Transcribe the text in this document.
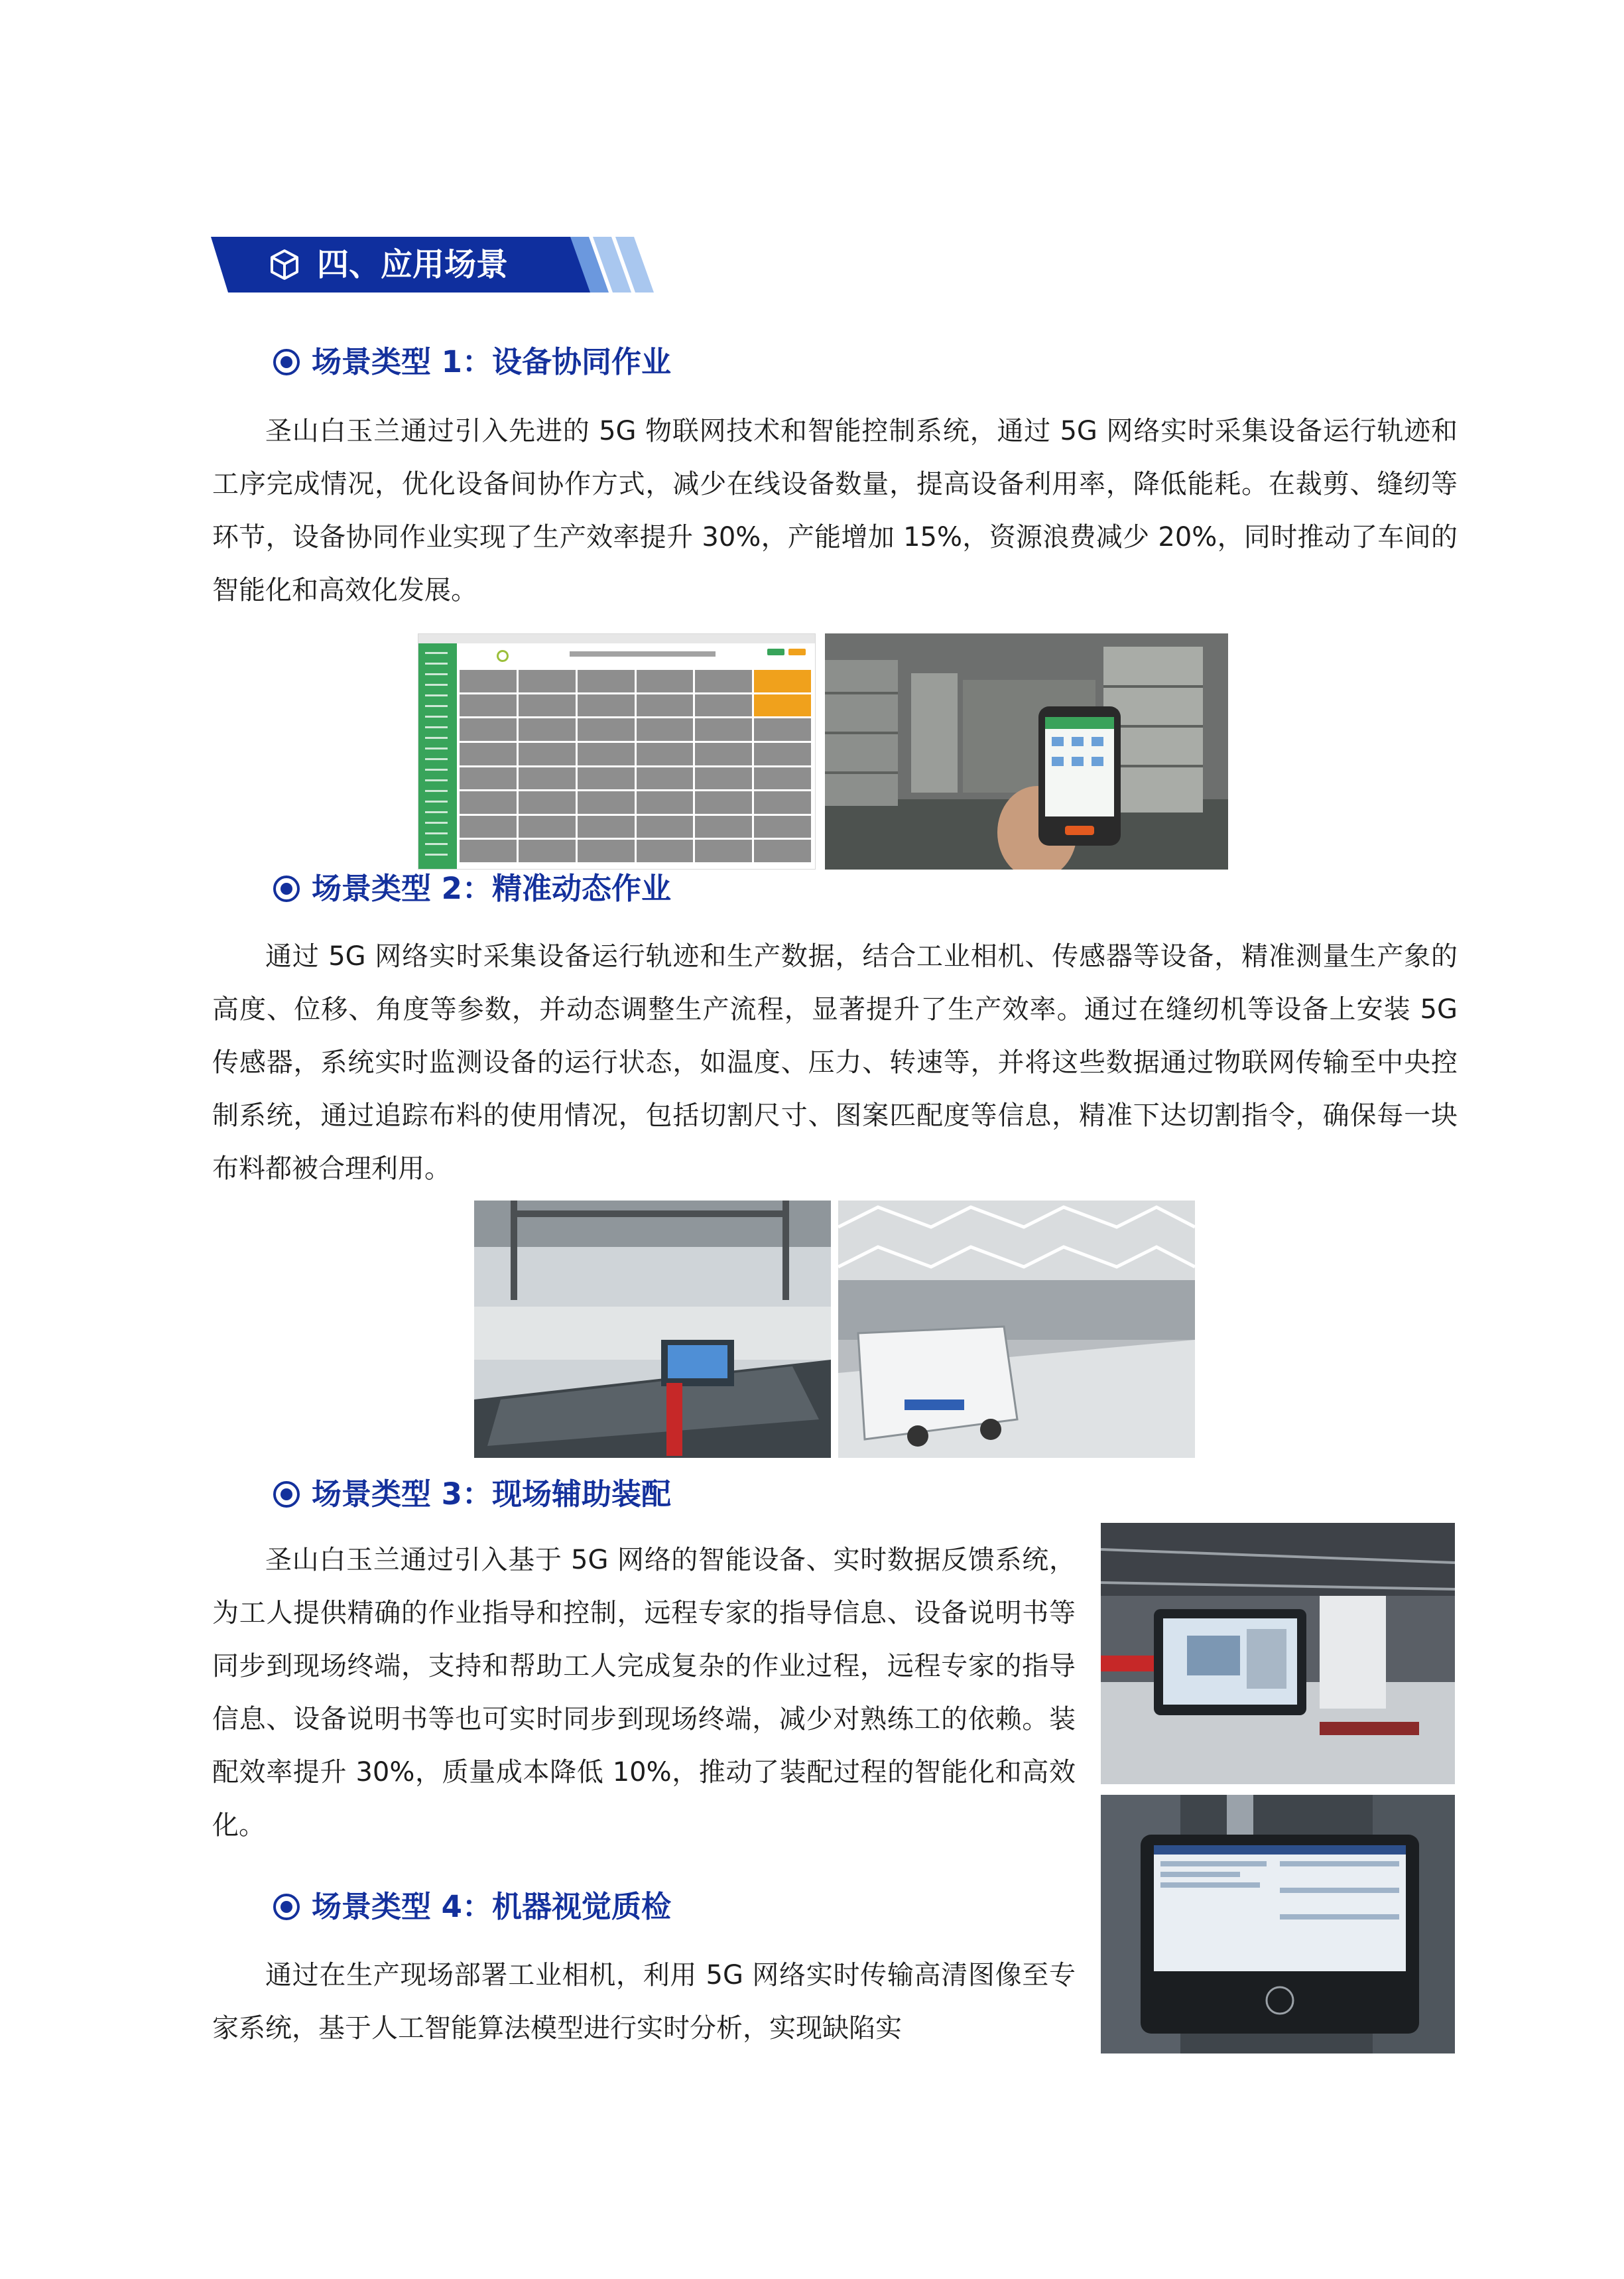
四、应用场景
场景类型 1：设备协同作业

圣山白玉兰通过引入先进的 5G 物联网技术和智能控制系统，通过 5G 网络实时采集设备运行轨迹和工序完成情况，优化设备间协作方式，减少在线设备数量，提高设备利用率，降低能耗。在裁剪、缝纫等环节，设备协同作业实现了生产效率提升 30%，产能增加 15%，资源浪费减少 20%，同时推动了车间的智能化和高效化发展。

场景类型 2：精准动态作业

通过 5G 网络实时采集设备运行轨迹和生产数据，结合工业相机、传感器等设备，精准测量生产象的高度、位移、角度等参数，并动态调整生产流程，显著提升了生产效率。通过在缝纫机等设备上安装 5G 传感器，系统实时监测设备的运行状态，如温度、压力、转速等，并将这些数据通过物联网传输至中央控制系统，通过追踪布料的使用情况，包括切割尺寸、图案匹配度等信息，精准下达切割指令，确保每一块布料都被合理利用。

场景类型 3：现场辅助装配

圣山白玉兰通过引入基于 5G 网络的智能设备、实时数据反馈系统，为工人提供精确的作业指导和控制，远程专家的指导信息、设备说明书等同步到现场终端，支持和帮助工人完成复杂的作业过程，远程专家的指导信息、设备说明书等也可实时同步到现场终端，减少对熟练工的依赖。装配效率提升 30%，质量成本降低 10%，推动了装配过程的智能化和高效化。

场景类型 4：机器视觉质检

通过在生产现场部署工业相机，利用 5G 网络实时传输高清图像至专家系统，基于人工智能算法模型进行实时分析，实现缺陷实
